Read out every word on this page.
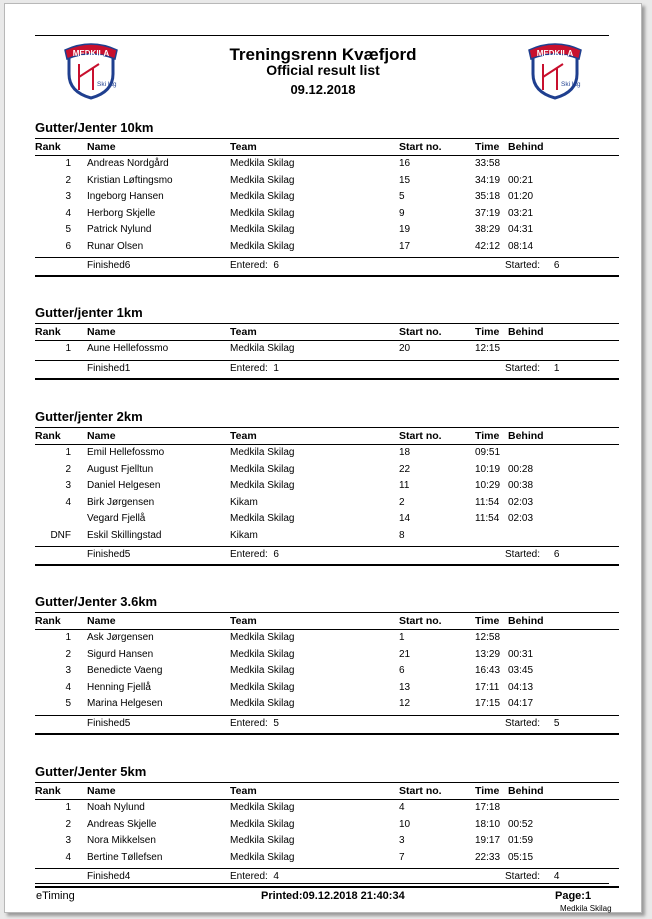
MEDKILA
Ski lag
MEDKILA
Ski lag
Treningsrenn Kvæfjord
Official result list
09.12.2018
Gutter/Jenter 10km
Rank	Name	Team	Start no.	Time Behind
1 Andreas Nordgård	Medkila Skilag	16	33:58
2 Kristian Løftingsmo	Medkila Skilag	15	34:19 00:21
3 Ingeborg Hansen	Medkila Skilag	5	35:18 01:20
4 Herborg Skjelle	Medkila Skilag	9	37:19 03:21
5 Patrick Nylund	Medkila Skilag	19	38:29 04:31
6 Runar Olsen	Medkila Skilag	17	42:12 08:14
Finished6	Entered:  6	Started:     6
Gutter/jenter 1km
Rank	Name	Team	Start no.	Time Behind
1 Aune Hellefossmo	Medkila Skilag	20	12:15
Finished1	Entered:  1	Started:     1
Gutter/jenter 2km
Rank	Name	Team	Start no.	Time Behind
1 Emil Hellefossmo	Medkila Skilag	18	09:51
2 August Fjelltun	Medkila Skilag	22	10:19 00:28
3 Daniel Helgesen	Medkila Skilag	11	10:29 00:38
4 Birk Jørgensen	Kikam	2	11:54 02:03
Vegard Fjellå	Medkila Skilag	14	11:54 02:03
DNF Eskil Skillingstad	Kikam	8
Finished5	Entered:  6	Started:     6
Gutter/Jenter 3.6km
Rank	Name	Team	Start no.	Time Behind
1 Ask Jørgensen	Medkila Skilag	1	12:58
2 Sigurd Hansen	Medkila Skilag	21	13:29 00:31
3 Benedicte Vaeng	Medkila Skilag	6	16:43 03:45
4 Henning Fjellå	Medkila Skilag	13	17:11 04:13
5 Marina Helgesen	Medkila Skilag	12	17:15 04:17
Finished5	Entered:  5	Started:     5
Gutter/Jenter 5km
Rank	Name	Team	Start no.	Time Behind
1 Noah Nylund	Medkila Skilag	4	17:18
2 Andreas Skjelle	Medkila Skilag	10	18:10 00:52
3 Nora Mikkelsen	Medkila Skilag	3	19:17 01:59
4 Bertine Tøllefsen	Medkila Skilag	7	22:33 05:15
Finished4	Entered:  4	Started:     4
eTiming	Printed:09.12.2018 21:40:34	Page:1
Medkila Skilag
